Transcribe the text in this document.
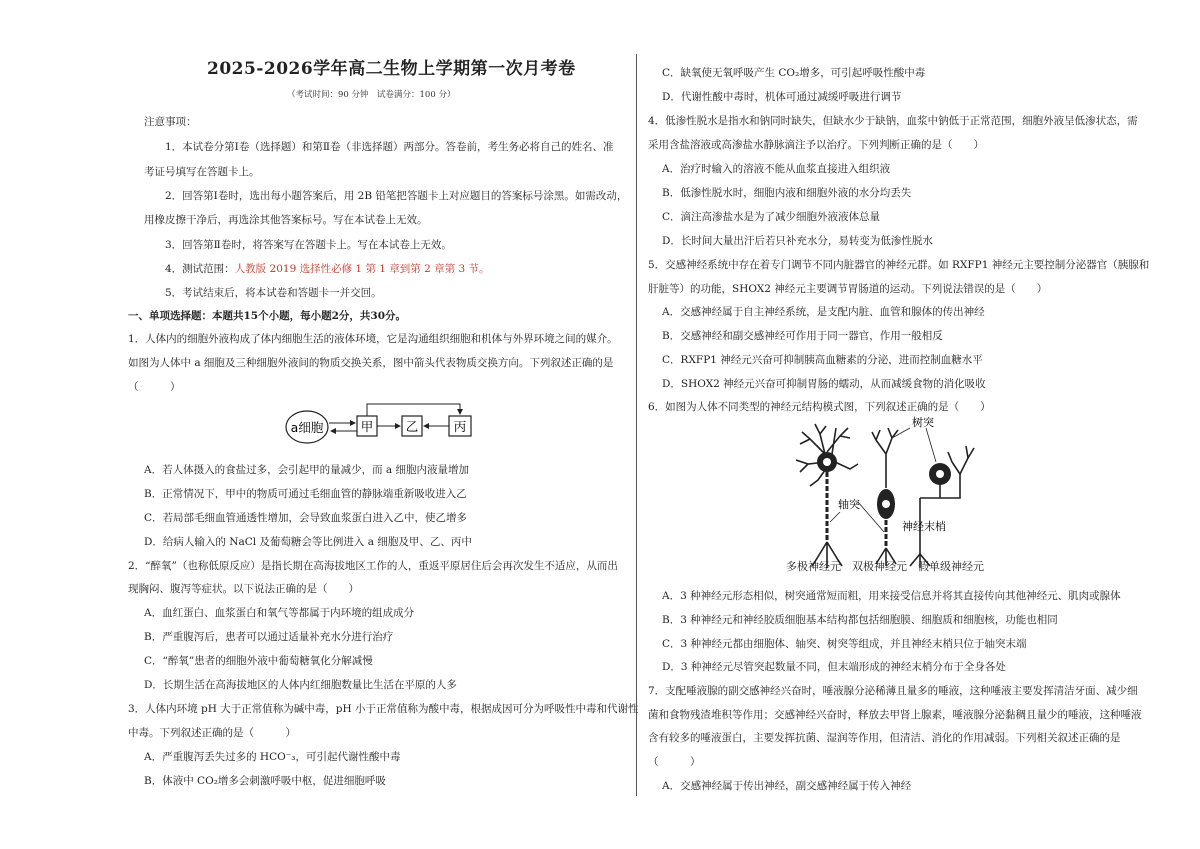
2025-2026学年高二生物上学期第一次月考卷
（考试时间：90 分钟　试卷满分：100 分）
注意事项：
1．本试卷分第Ⅰ卷（选择题）和第Ⅱ卷（非选择题）两部分。答卷前，考生务必将自己的姓名、准
考证号填写在答题卡上。
2．回答第Ⅰ卷时，选出每小题答案后，用 2B 铅笔把答题卡上对应题目的答案标号涂黑。如需改动，
用橡皮擦干净后，再选涂其他答案标号。写在本试卷上无效。
3．回答第Ⅱ卷时，将答案写在答题卡上。写在本试卷上无效。
4．测试范围：人教版 2019 选择性必修 1 第 1 章到第 2 章第 3 节。
5．考试结束后，将本试卷和答题卡一并交回。
一、单项选择题：本题共15个小题，每小题2分，共30分。
1．人体内的细胞外液构成了体内细胞生活的液体环境，它是沟通组织细胞和机体与外界环境之间的媒介。
如图为人体中 a 细胞及三种细胞外液间的物质交换关系，图中箭头代表物质交换方向。下列叙述正确的是
（　　　）
a细胞	甲	乙	丙
A．若人体摄入的食盐过多，会引起甲的量减少，而 a 细胞内液量增加
B．正常情况下，甲中的物质可通过毛细血管的静脉端重新吸收进入乙
C．若局部毛细血管通透性增加，会导致血浆蛋白进入乙中，使乙增多
D．给病人输入的 NaCl 及葡萄糖会等比例进入 a 细胞及甲、乙、丙中
2．“醉氧”（也称低原反应）是指长期在高海拔地区工作的人，重返平原居住后会再次发生不适应，从而出
现胸闷、腹泻等症状。以下说法正确的是（　　）
A．血红蛋白、血浆蛋白和氧气等都属于内环境的组成成分
B．严重腹泻后，患者可以通过适量补充水分进行治疗
C．“醉氧”患者的细胞外液中葡萄糖氧化分解减慢
D．长期生活在高海拔地区的人体内红细胞数量比生活在平原的人多
3．人体内环境 pH 大于正常值称为碱中毒，pH 小于正常值称为酸中毒，根据成因可分为呼吸性中毒和代谢性
中毒。下列叙述正确的是（　　　）
A．严重腹泻丢失过多的 HCO⁻₃，可引起代谢性酸中毒
B．体液中 CO₂增多会刺激呼吸中枢，促进细胞呼吸
C．缺氧使无氧呼吸产生 CO₂增多，可引起呼吸性酸中毒
D．代谢性酸中毒时，机体可通过减缓呼吸进行调节
4．低渗性脱水是指水和钠同时缺失，但缺水少于缺钠，血浆中钠低于正常范围，细胞外液呈低渗状态，需
采用含盐溶液或高渗盐水静脉滴注予以治疗。下列判断正确的是（　　）
A．治疗时输入的溶液不能从血浆直接进入组织液
B．低渗性脱水时，细胞内液和细胞外液的水分均丢失
C．滴注高渗盐水是为了减少细胞外液液体总量
D．长时间大量出汗后若只补充水分，易转变为低渗性脱水
5．交感神经系统中存在着专门调节不同内脏器官的神经元群。如 RXFP1 神经元主要控制分泌器官（胰腺和
肝脏等）的功能，SHOX2 神经元主要调节胃肠道的运动。下列说法错误的是（　　）
A．交感神经属于自主神经系统，是支配内脏、血管和腺体的传出神经
B．交感神经和副交感神经可作用于同一器官，作用一般相反
C．RXFP1 神经元兴奋可抑制胰高血糖素的分泌，进而控制血糖水平
D．SHOX2 神经元兴奋可抑制胃肠的蠕动，从而减缓食物的消化吸收
6．如图为人体不同类型的神经元结构模式图，下列叙述正确的是（　　）
树突
轴突
神经末梢
多极神经元　双极神经元　假单级神经元
A．3 种神经元形态相似，树突通常短而粗，用来接受信息并将其直接传向其他神经元、肌肉或腺体
B．3 种神经元和神经胶质细胞基本结构都包括细胞膜、细胞质和细胞核，功能也相同
C．3 种神经元都由细胞体、轴突、树突等组成，并且神经末梢只位于轴突末端
D．3 种神经元尽管突起数量不同，但末端形成的神经末梢分布于全身各处
7．支配唾液腺的副交感神经兴奋时，唾液腺分泌稀薄且量多的唾液，这种唾液主要发挥清洁牙面、减少细
菌和食物残渣堆积等作用；交感神经兴奋时，释放去甲肾上腺素，唾液腺分泌黏稠且量少的唾液，这种唾液
含有较多的唾液蛋白，主要发挥抗菌、湿润等作用，但清洁、消化的作用减弱。下列相关叙述正确的是
（　　　）
A．交感神经属于传出神经，副交感神经属于传入神经
